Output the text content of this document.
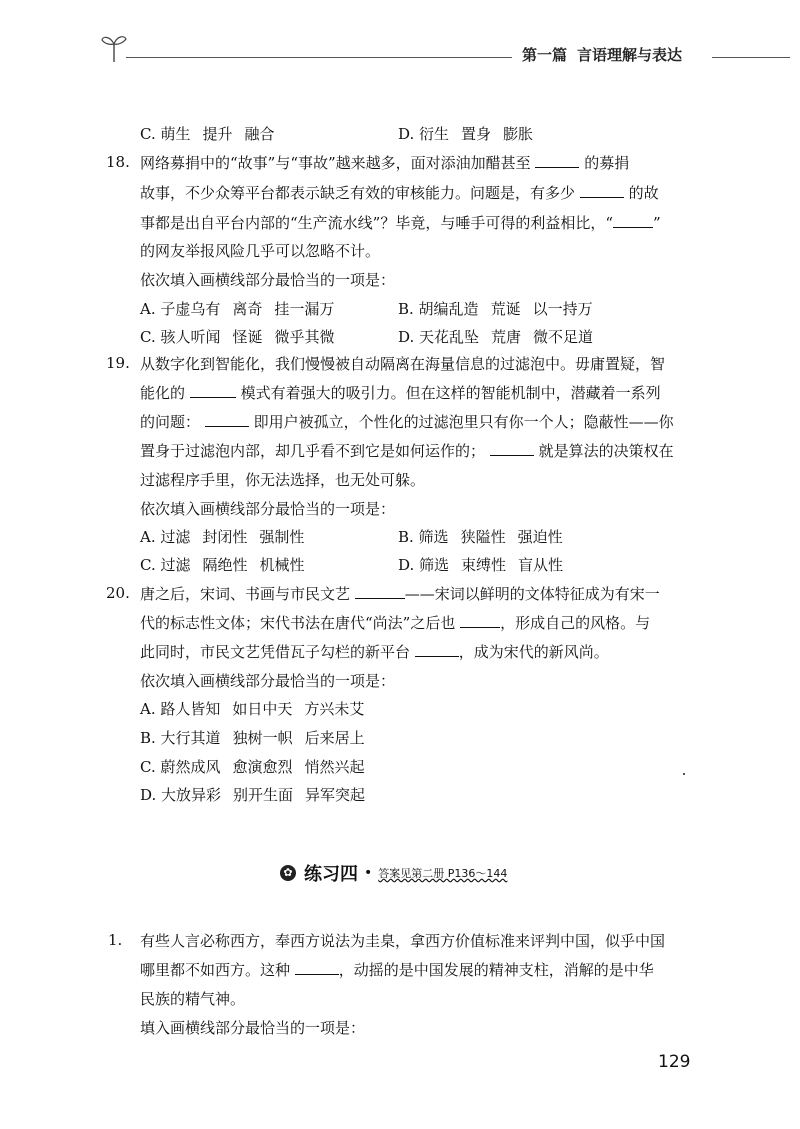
第一篇 言语理解与表达
C. 萌生 提升 融合	D. 衍生 置身 膨胀
18. 网络募捐中的“故事”与“事故”越来越多，面对添油加醋甚至	的募捐
故事，不少众筹平台都表示缺乏有效的审核能力。问题是，有多少	的故
事都是出自平台内部的“生产流水线”？毕竟，与唾手可得的利益相比，“	”
的网友举报风险几乎可以忽略不计。
依次填入画横线部分最恰当的一项是：
A. 子虚乌有 离奇 挂一漏万	B. 胡编乱造 荒诞 以一持万
C. 骇人听闻 怪诞 微乎其微	D. 天花乱坠 荒唐 微不足道
19. 从数字化到智能化，我们慢慢被自动隔离在海量信息的过滤泡中。毋庸置疑，智
能化的	模式有着强大的吸引力。但在这样的智能机制中，潜藏着一系列
的问题：	即用户被孤立，个性化的过滤泡里只有你一个人；隐蔽性——你
置身于过滤泡内部，却几乎看不到它是如何运作的；	就是算法的决策权在
过滤程序手里，你无法选择，也无处可躲。
依次填入画横线部分最恰当的一项是：
A. 过滤 封闭性 强制性	B. 筛选 狭隘性 强迫性
C. 过滤 隔绝性 机械性	D. 筛选 束缚性 盲从性
20. 唐之后，宋词、书画与市民文艺	——宋词以鲜明的文体特征成为有宋一
代的标志性文体；宋代书法在唐代“尚法”之后也	，形成自己的风格。与
此同时，市民文艺凭借瓦子勾栏的新平台	，成为宋代的新风尚。
依次填入画横线部分最恰当的一项是：
A. 路人皆知 如日中天 方兴未艾
B. 大行其道 独树一帜 后来居上
C. 蔚然成风 愈演愈烈 悄然兴起
D. 大放异彩 别开生面 异军突起
✿ 练习四 • 答案见第二册 P136～144
1. 有些人言必称西方，奉西方说法为圭臬，拿西方价值标准来评判中国，似乎中国
哪里都不如西方。这种	，动摇的是中国发展的精神支柱，消解的是中华
民族的精气神。
填入画横线部分最恰当的一项是：
129
